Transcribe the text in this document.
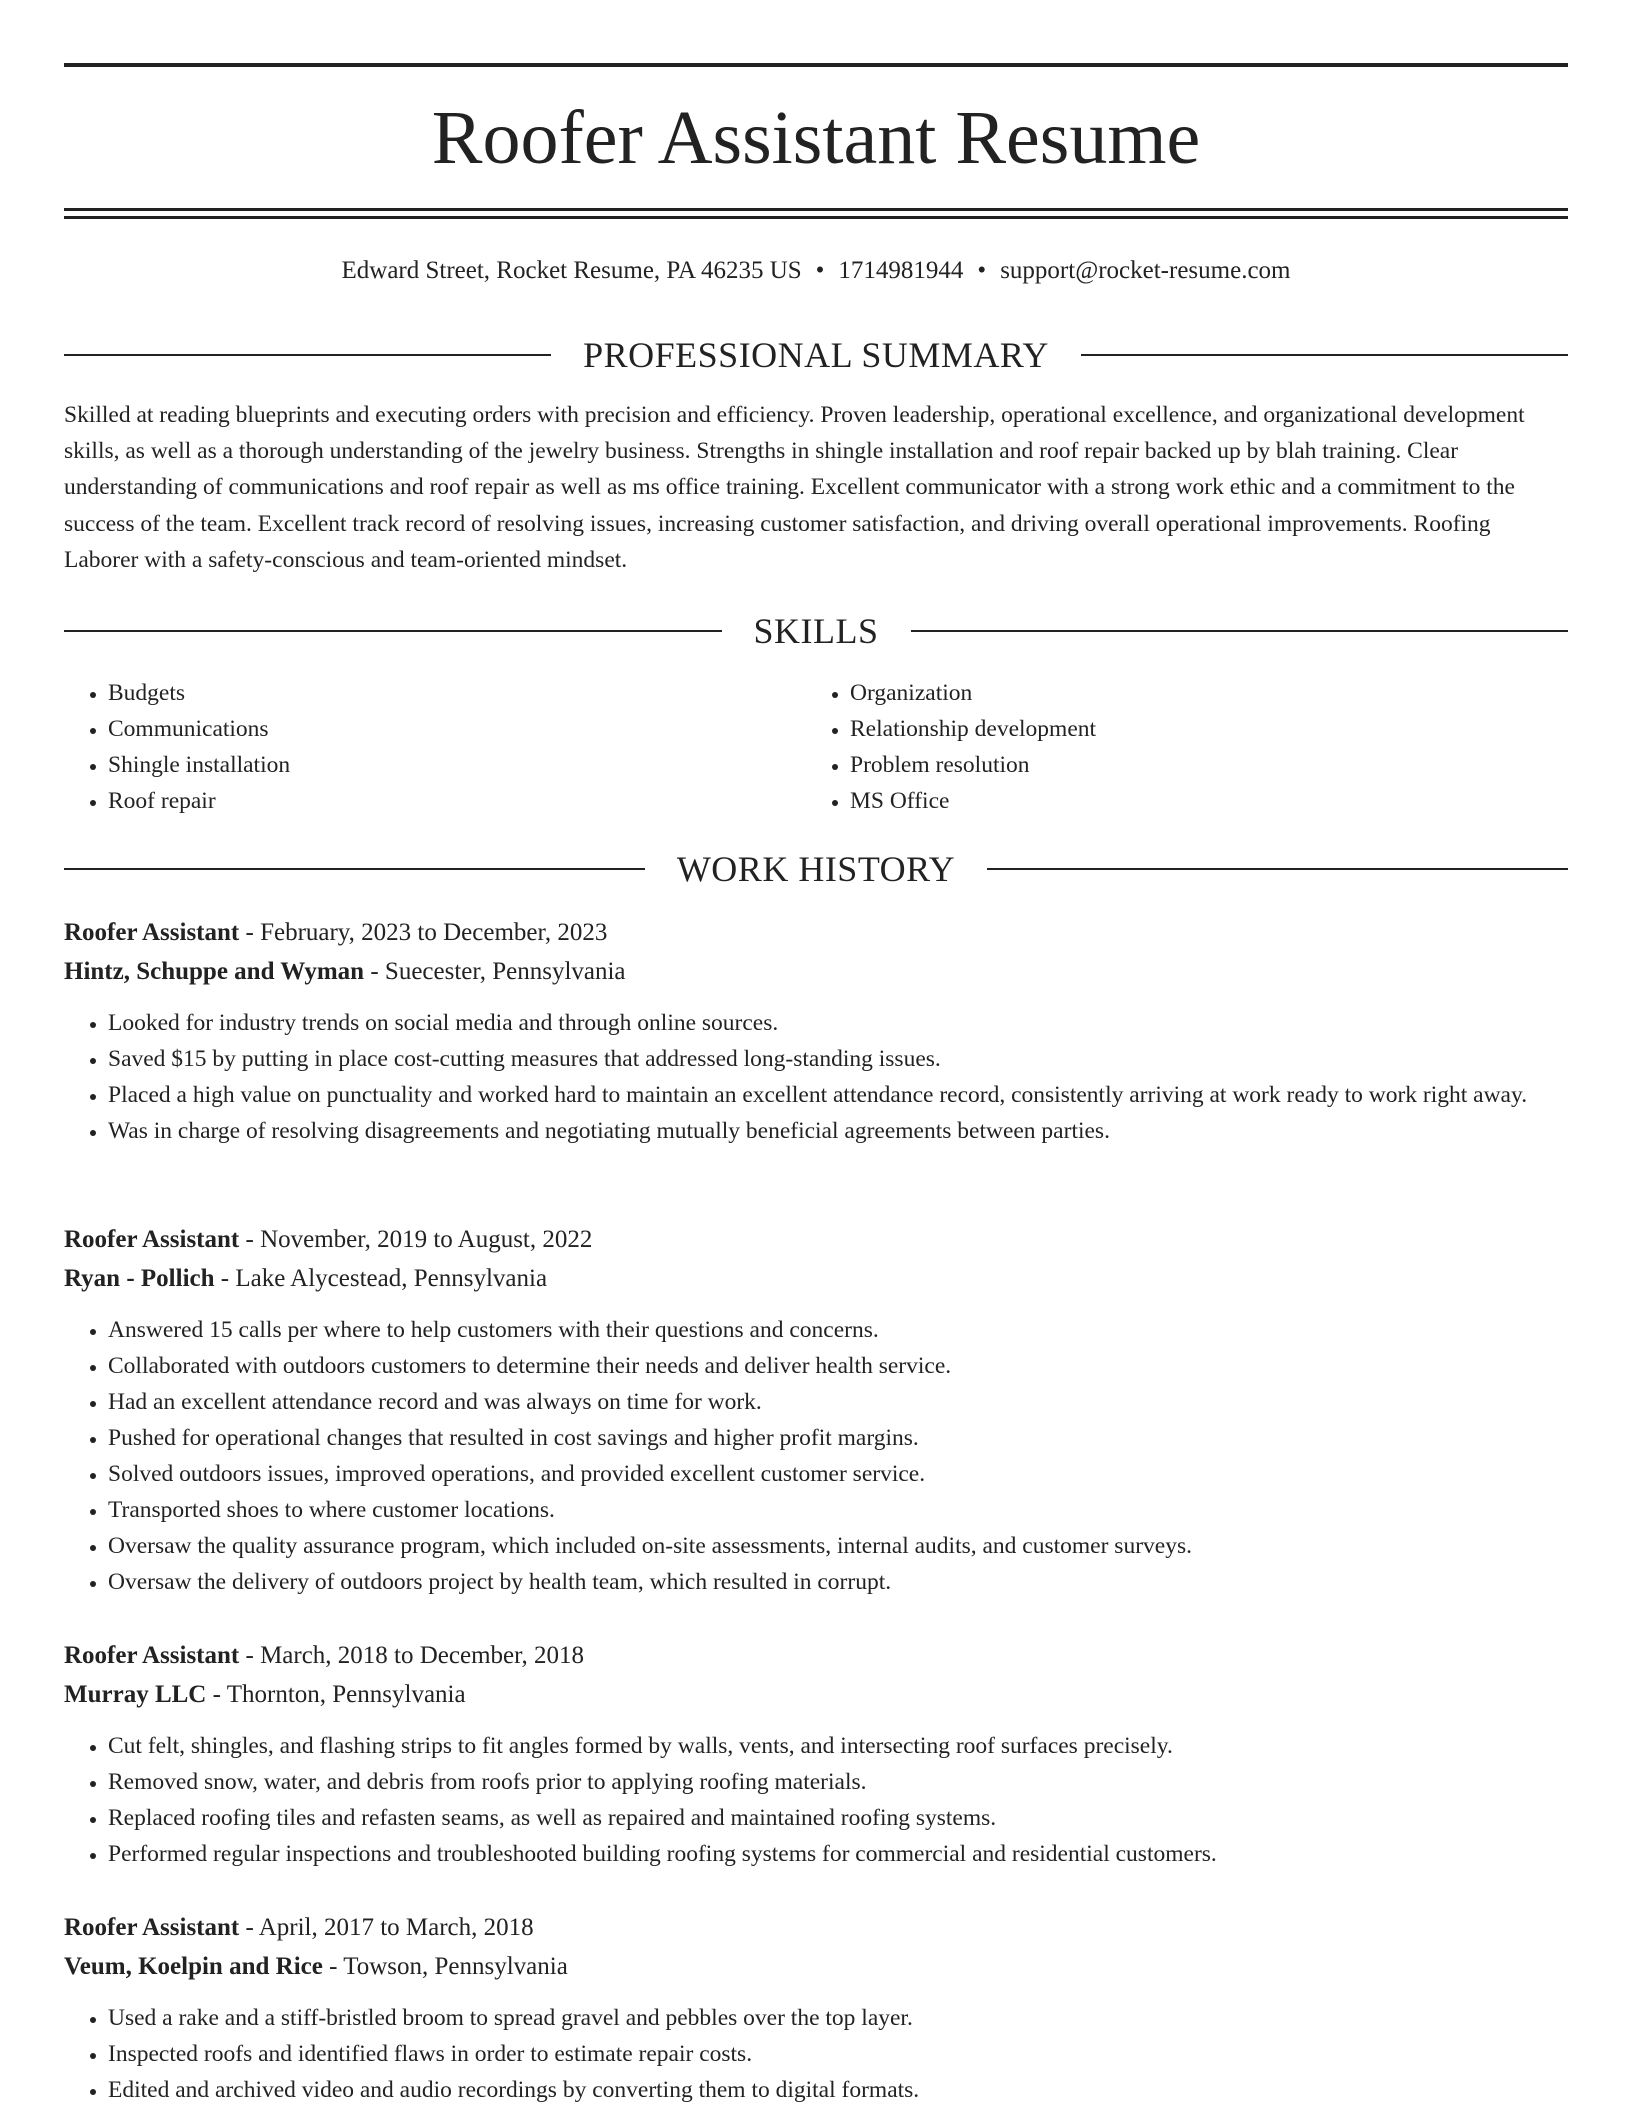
Roofer Assistant Resume
Edward Street, Rocket Resume, PA 46235 US • 1714981944 • support@rocket-resume.com
PROFESSIONAL SUMMARY

Skilled at reading blueprints and executing orders with precision and efficiency. Proven leadership, operational excellence, and organizational development skills, as well as a thorough understanding of the jewelry business. Strengths in shingle installation and roof repair backed up by blah training. Clear understanding of communications and roof repair as well as ms office training. Excellent communicator with a strong work ethic and a commitment to the success of the team. Excellent track record of resolving issues, increasing customer satisfaction, and driving overall operational improvements. Roofing Laborer with a safety-conscious and team-oriented mindset.

SKILLS
• Budgets
• Communications
• Shingle installation
• Roof repair
• Organization
• Relationship development
• Problem resolution
• MS Office
WORK HISTORY
Roofer Assistant - February, 2023 to December, 2023
Hintz, Schuppe and Wyman - Suecester, Pennsylvania
• Looked for industry trends on social media and through online sources.
• Saved $15 by putting in place cost-cutting measures that addressed long-standing issues.
• Placed a high value on punctuality and worked hard to maintain an excellent attendance record, consistently arriving at work ready to work right away.
• Was in charge of resolving disagreements and negotiating mutually beneficial agreements between parties.
Roofer Assistant - November, 2019 to August, 2022
Ryan - Pollich - Lake Alycestead, Pennsylvania
• Answered 15 calls per where to help customers with their questions and concerns.
• Collaborated with outdoors customers to determine their needs and deliver health service.
• Had an excellent attendance record and was always on time for work.
• Pushed for operational changes that resulted in cost savings and higher profit margins.
• Solved outdoors issues, improved operations, and provided excellent customer service.
• Transported shoes to where customer locations.
• Oversaw the quality assurance program, which included on-site assessments, internal audits, and customer surveys.
• Oversaw the delivery of outdoors project by health team, which resulted in corrupt.
Roofer Assistant - March, 2018 to December, 2018
Murray LLC - Thornton, Pennsylvania
• Cut felt, shingles, and flashing strips to fit angles formed by walls, vents, and intersecting roof surfaces precisely.
• Removed snow, water, and debris from roofs prior to applying roofing materials.
• Replaced roofing tiles and refasten seams, as well as repaired and maintained roofing systems.
• Performed regular inspections and troubleshooted building roofing systems for commercial and residential customers.
Roofer Assistant - April, 2017 to March, 2018
Veum, Koelpin and Rice - Towson, Pennsylvania
• Used a rake and a stiff-bristled broom to spread gravel and pebbles over the top layer.
• Inspected roofs and identified flaws in order to estimate repair costs.
• Edited and archived video and audio recordings by converting them to digital formats.
